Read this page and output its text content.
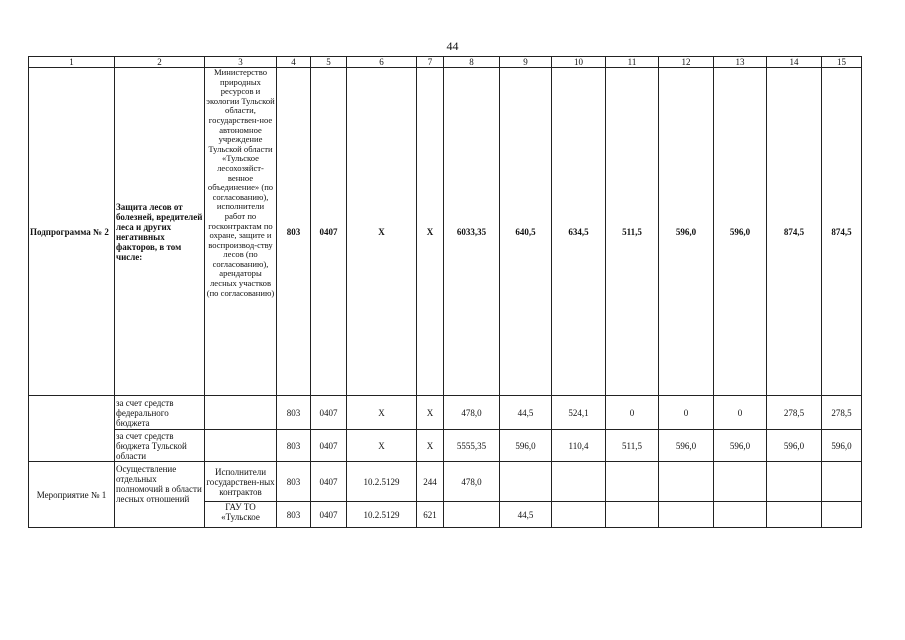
44
1	2	3	4	5	6	7	8	9	10	11	12	13	14	15
Подпрограмма № 2	Защита лесов от болезней, вредителей леса и других негативных факторов, в том числе:	Министерство природных ресурсов и экологии Тульской области, государствен-ное автономное учреждение Тульской области «Тульское лесохозяйст-венное объединение» (по согласованию), исполнители работ по госконтрактам по охране, защите и воспроизвод-ству лесов (по согласованию), арендаторы лесных участков (по согласованию)	803	0407	X	X	6033,35	640,5	634,5	511,5	596,0	596,0	874,5	874,5
	за счет средств федерального бюджета		803	0407	X	X	478,0	44,5	524,1	0	0	0	278,5	278,5
	за счет средств бюджета Тульской области		803	0407	X	X	5555,35	596,0	110,4	511,5	596,0	596,0	596,0	596,0
Мероприятие № 1	Осуществление отдельных полномочий в области лесных отношений	Исполнители государствен-ных контрактов	803	0407	10.2.5129	244	478,0							
		ГАУ ТО «Тульское	803	0407	10.2.5129	621		44,5						
